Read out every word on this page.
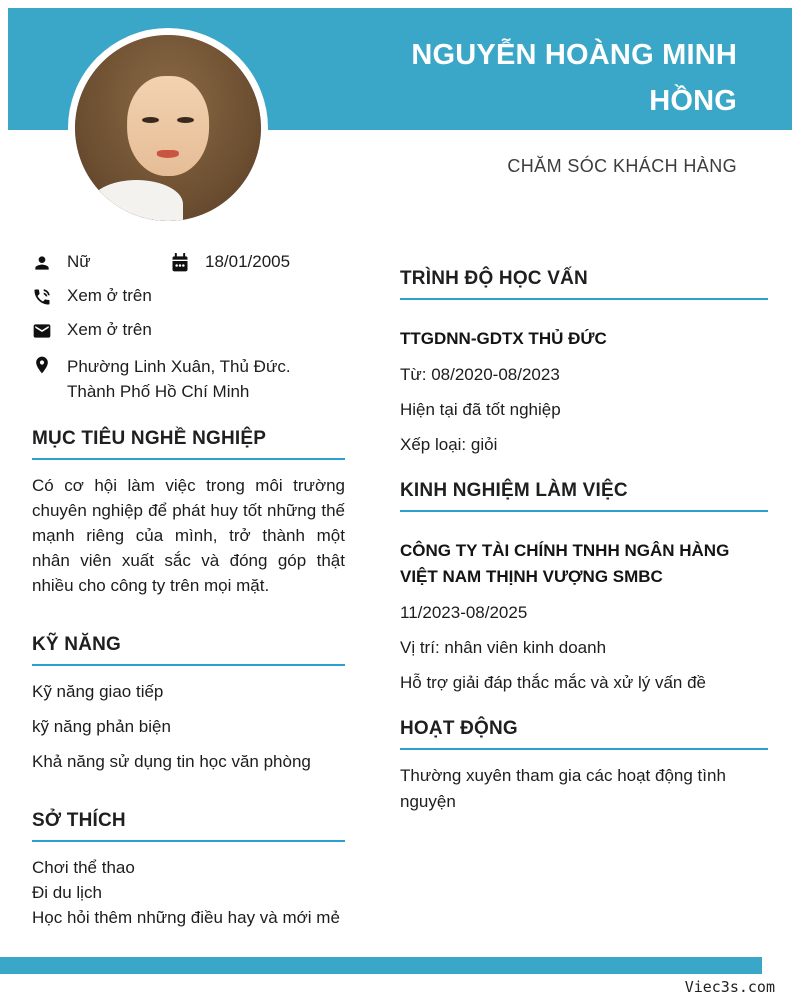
NGUYỄN HOÀNG MINH
HỒNG
CHĂM SÓC KHÁCH HÀNG
Nữ	18/01/2005
Xem ở trên
Xem ở trên
Phường Linh Xuân, Thủ Đức.
Thành Phố Hồ Chí Minh
MỤC TIÊU NGHỀ NGHIỆP
Có cơ hội làm việc trong môi trường chuyên nghiệp để phát huy tốt những thế mạnh riêng của mình, trở thành một nhân viên xuất sắc và đóng góp thật nhiều cho công ty trên mọi mặt.
KỸ NĂNG
Kỹ năng giao tiếp
kỹ năng phản biện
Khả năng sử dụng tin học văn phòng
SỞ THÍCH
Chơi thể thao
Đi du lịch
Học hỏi thêm những điều hay và mới mẻ
TRÌNH ĐỘ HỌC VẤN
TTGDNN-GDTX THỦ ĐỨC
Từ: 08/2020-08/2023
Hiện tại đã tốt nghiệp
Xếp loại: giỏi
KINH NGHIỆM LÀM VIỆC
CÔNG TY TÀI CHÍNH TNHH NGÂN HÀNG VIỆT NAM THỊNH VƯỢNG SMBC
11/2023-08/2025
Vị trí: nhân viên kinh doanh
Hỗ trợ giải đáp thắc mắc và xử lý vấn đề
HOẠT ĐỘNG
Thường xuyên tham gia các hoạt động tình nguyện
Viec3s.com
